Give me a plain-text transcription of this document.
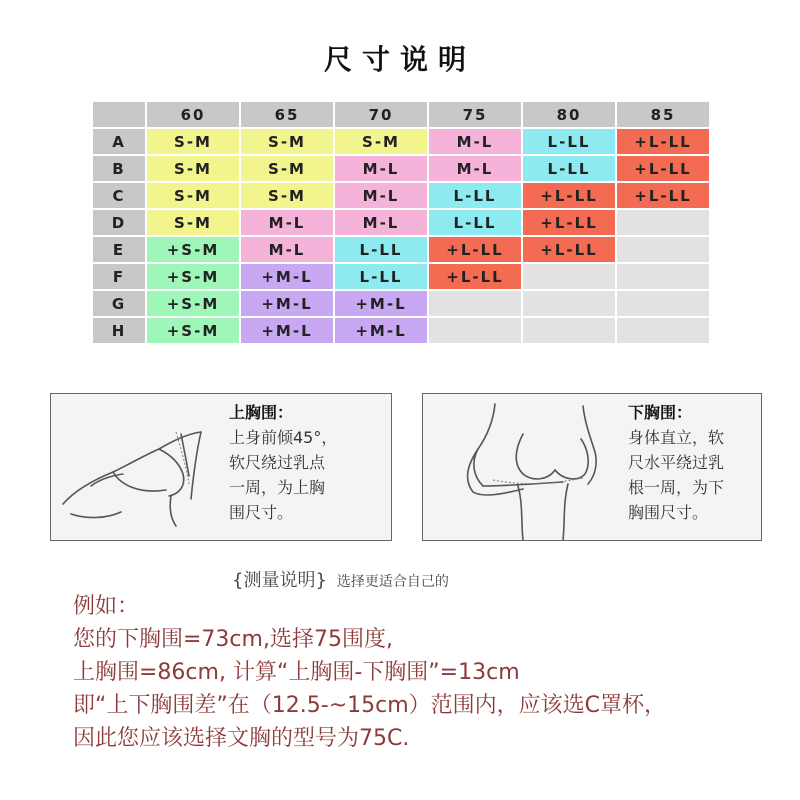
尺寸说明
	60	65	70	75	80	85
A	S-M	S-M	S-M	M-L	L-LL	+L-LL
B	S-M	S-M	M-L	M-L	L-LL	+L-LL
C	S-M	S-M	M-L	L-LL	+L-LL	+L-LL
D	S-M	M-L	M-L	L-LL	+L-LL	
E	+S-M	M-L	L-LL	+L-LL	+L-LL	
F	+S-M	+M-L	L-LL	+L-LL		
G	+S-M	+M-L	+M-L			
H	+S-M	+M-L	+M-L			
上胸围：
上身前倾45°，
软尺绕过乳点
一周，为上胸
围尺寸。
下胸围：
身体直立，软
尺水平绕过乳
根一周，为下
胸围尺寸。
{测量说明} 选择更适合自己的
例如：
您的下胸围=73cm,选择75围度,
上胸围=86cm, 计算“上胸围-下胸围”=13cm
即“上下胸围差”在（12.5-~15cm）范围内，应该选C罩杯，
因此您应该选择文胸的型号为75C.
